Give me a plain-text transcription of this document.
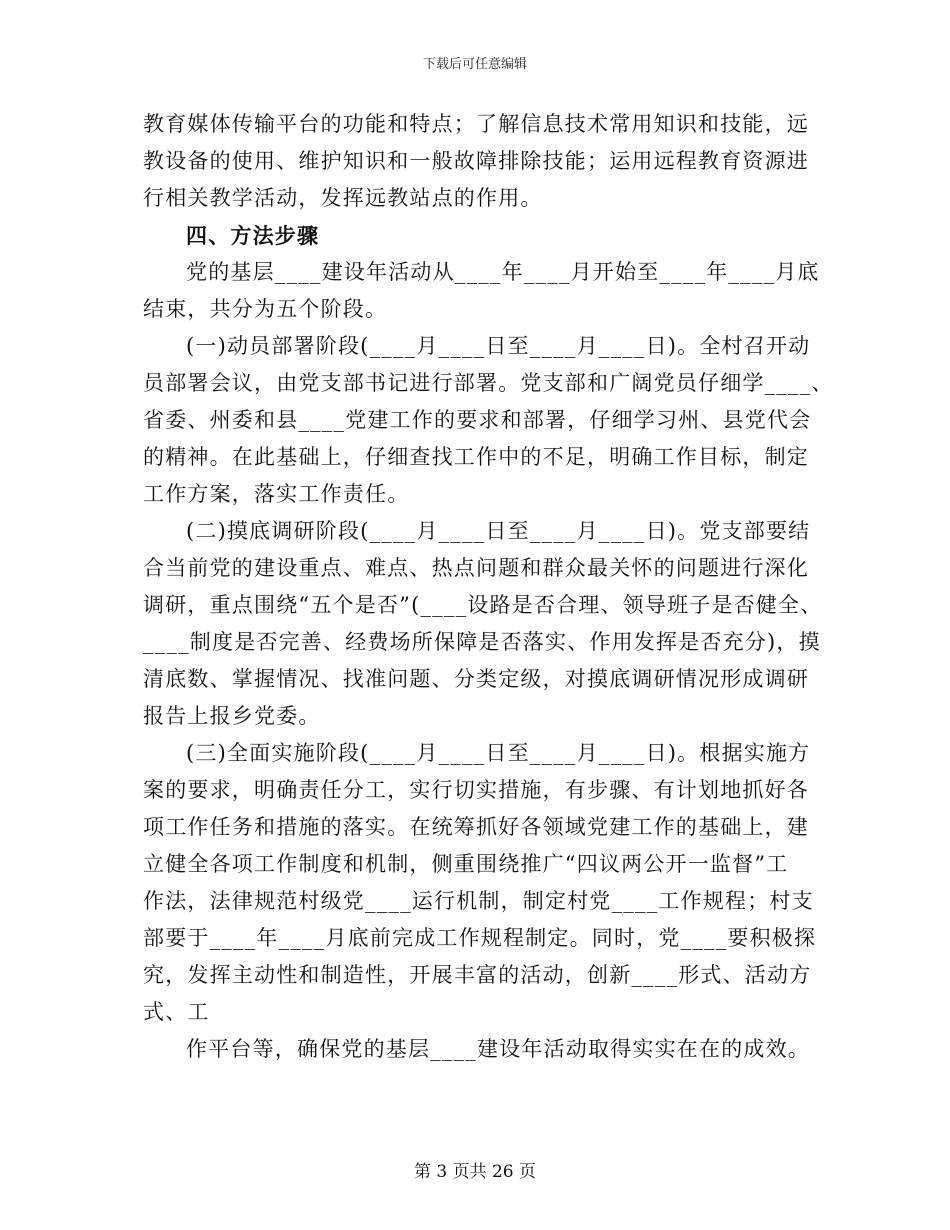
下载后可任意编辑
教育媒体传输平台的功能和特点；了解信息技术常用知识和技能，远
教设备的使用、维护知识和一般故障排除技能；运用远程教育资源进
行相关教学活动，发挥远教站点的作用。
四、方法步骤
党的基层____建设年活动从____年____月开始至____年____月底
结束，共分为五个阶段。
(一)动员部署阶段(____月____日至____月____日)。全村召开动
员部署会议，由党支部书记进行部署。党支部和广阔党员仔细学____、
省委、州委和县____党建工作的要求和部署，仔细学习州、县党代会
的精神。在此基础上，仔细查找工作中的不足，明确工作目标，制定
工作方案，落实工作责任。
(二)摸底调研阶段(____月____日至____月____日)。党支部要结
合当前党的建设重点、难点、热点问题和群众最关怀的问题进行深化
调研，重点围绕“五个是否”(____设路是否合理、领导班子是否健全、
____制度是否完善、经费场所保障是否落实、作用发挥是否充分)，摸
清底数、掌握情况、找准问题、分类定级，对摸底调研情况形成调研
报告上报乡党委。
(三)全面实施阶段(____月____日至____月____日)。根据实施方
案的要求，明确责任分工，实行切实措施，有步骤、有计划地抓好各
项工作任务和措施的落实。在统筹抓好各领域党建工作的基础上，建
立健全各项工作制度和机制，侧重围绕推广“四议两公开一监督”工
作法，法律规范村级党____运行机制，制定村党____工作规程；村支
部要于____年____月底前完成工作规程制定。同时，党____要积极探
究，发挥主动性和制造性，开展丰富的活动，创新____形式、活动方
式、工
作平台等，确保党的基层____建设年活动取得实实在在的成效。
第 3 页共 26 页
